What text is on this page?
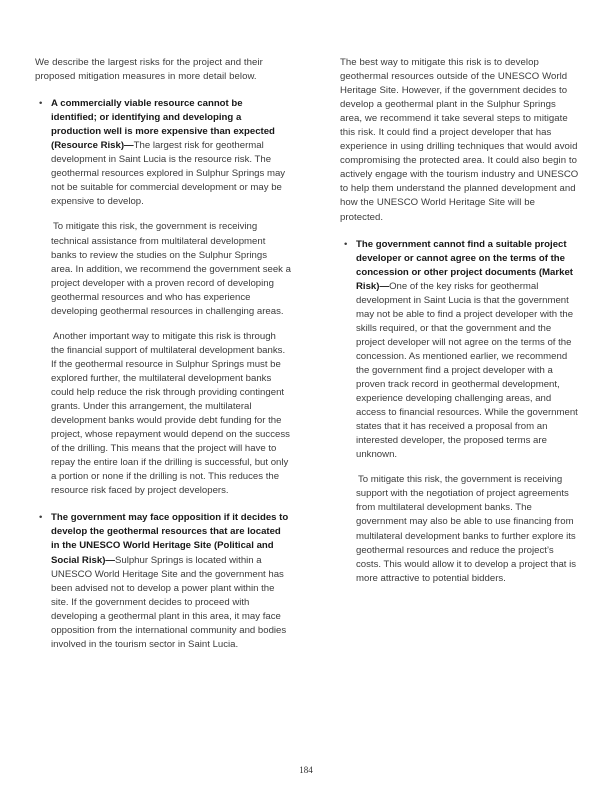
We describe the largest risks for the project and their proposed mitigation measures in more detail below.

• A commercially viable resource cannot be identified; or identifying and developing a production well is more expensive than expected (Resource Risk)—The largest risk for geothermal development in Saint Lucia is the resource risk. The geothermal resources explored in Sulphur Springs may not be suitable for commercial development or may be expensive to develop.
To mitigate this risk, the government is receiving technical assistance from multilateral development banks to review the studies on the Sulphur Springs area. In addition, we recommend the government seek a project developer with a proven record of developing geothermal resources and who has experience developing geothermal resources in challenging areas.
Another important way to mitigate this risk is through the financial support of multilateral development banks. If the geothermal resource in Sulphur Springs must be explored further, the multilateral development banks could help reduce the risk through providing contingent grants. Under this arrangement, the multilateral development banks would provide debt funding for the project, whose repayment would depend on the success of the drilling. This means that the project will have to repay the entire loan if the drilling is successful, but only a portion or none if the drilling is not. This reduces the resource risk faced by project developers.
• The government may face opposition if it decides to develop the geothermal resources that are located in the UNESCO World Heritage Site (Political and Social Risk)—Sulphur Springs is located within a UNESCO World Heritage Site and the government has been advised not to develop a power plant within the site. If the government decides to proceed with developing a geothermal plant in this area, it may face opposition from the international community and bodies involved in the tourism sector in Saint Lucia.

The best way to mitigate this risk is to develop geothermal resources outside of the UNESCO World Heritage Site. However, if the government decides to develop a geothermal plant in the Sulphur Springs area, we recommend it take several steps to mitigate this risk. It could find a project developer that has experience in using drilling techniques that would avoid compromising the protected area. It could also begin to actively engage with the tourism industry and UNESCO to help them understand the planned development and how the UNESCO World Heritage Site will be protected.

• The government cannot find a suitable project developer or cannot agree on the terms of the concession or other project documents (Market Risk)—One of the key risks for geothermal development in Saint Lucia is that the government may not be able to find a project developer with the skills required, or that the government and the project developer will not agree on the terms of the concession. As mentioned earlier, we recommend the government find a project developer with a proven track record in geothermal development, experience developing challenging areas, and access to financial resources. While the government states that it has received a proposal from an interested developer, the proposed terms are unknown.
To mitigate this risk, the government is receiving support with the negotiation of project agreements from multilateral development banks. The government may also be able to use financing from multilateral development banks to further explore its geothermal resources and reduce the project’s costs. This would allow it to develop a project that is more attractive to potential bidders.
184
